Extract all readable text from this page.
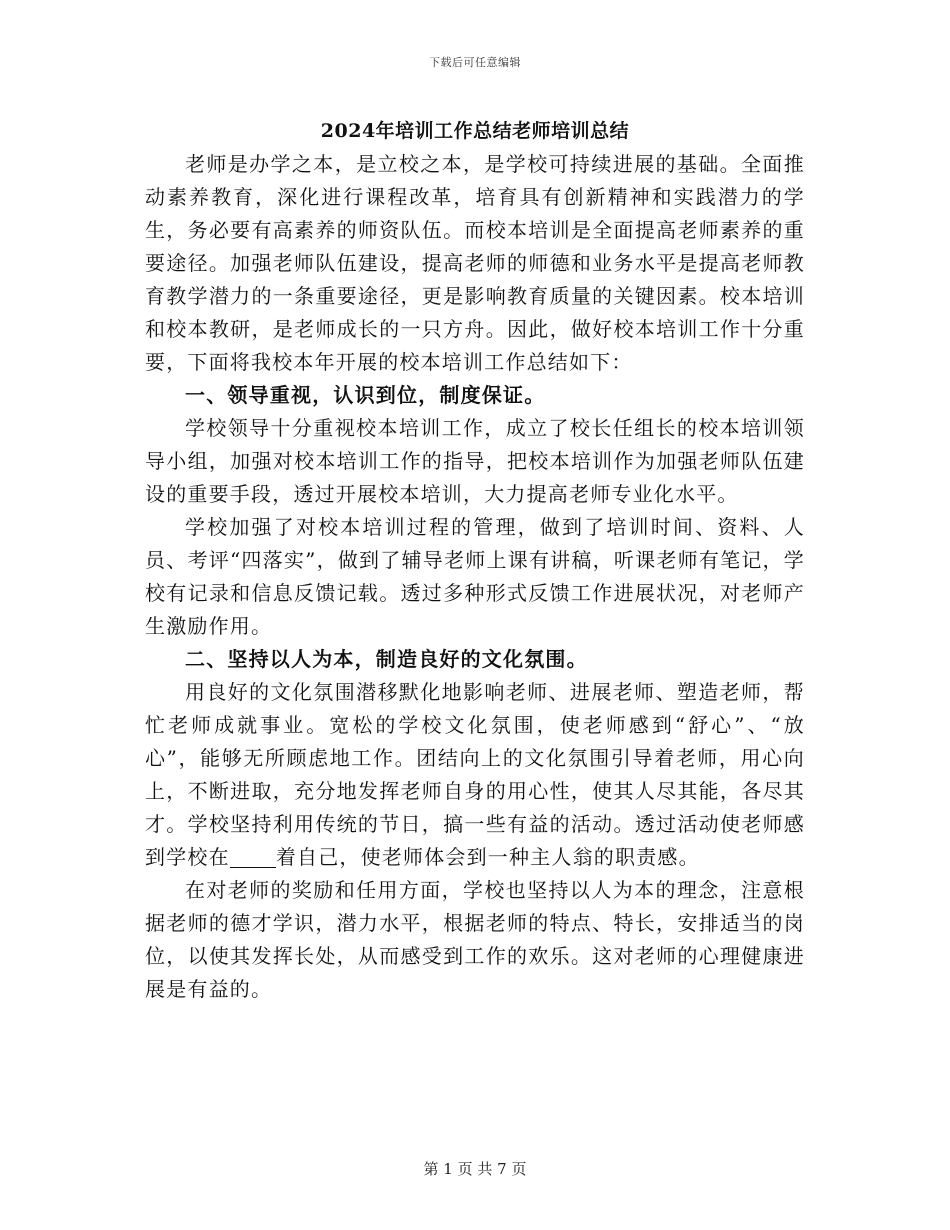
下载后可任意编辑
2024年培训工作总结老师培训总结

老师是办学之本，是立校之本，是学校可持续进展的基础。全面推动素养教育，深化进行课程改革，培育具有创新精神和实践潜力的学生，务必要有高素养的师资队伍。而校本培训是全面提高老师素养的重要途径。加强老师队伍建设，提高老师的师德和业务水平是提高老师教育教学潜力的一条重要途径，更是影响教育质量的关键因素。校本培训和校本教研，是老师成长的一只方舟。因此，做好校本培训工作十分重要，下面将我校本年开展的校本培训工作总结如下：

一、领导重视，认识到位，制度保证。

学校领导十分重视校本培训工作，成立了校长任组长的校本培训领导小组，加强对校本培训工作的指导，把校本培训作为加强老师队伍建设的重要手段，透过开展校本培训，大力提高老师专业化水平。

学校加强了对校本培训过程的管理，做到了培训时间、资料、人员、考评“四落实”，做到了辅导老师上课有讲稿，听课老师有笔记，学校有记录和信息反馈记载。透过多种形式反馈工作进展状况，对老师产生激励作用。

二、坚持以人为本，制造良好的文化氛围。

用良好的文化氛围潜移默化地影响老师、进展老师、塑造老师，帮忙老师成就事业。宽松的学校文化氛围，使老师感到“舒心”、“放心”，能够无所顾虑地工作。团结向上的文化氛围引导着老师，用心向上，不断进取，充分地发挥老师自身的用心性，使其人尽其能，各尽其才。学校坚持利用传统的节日，搞一些有益的活动。透过活动使老师感到学校在 着自己，使老师体会到一种主人翁的职责感。

在对老师的奖励和任用方面，学校也坚持以人为本的理念，注意根据老师的德才学识，潜力水平，根据老师的特点、特长，安排适当的岗位，以使其发挥长处，从而感受到工作的欢乐。这对老师的心理健康进展是有益的。

第 1 页 共 7 页
